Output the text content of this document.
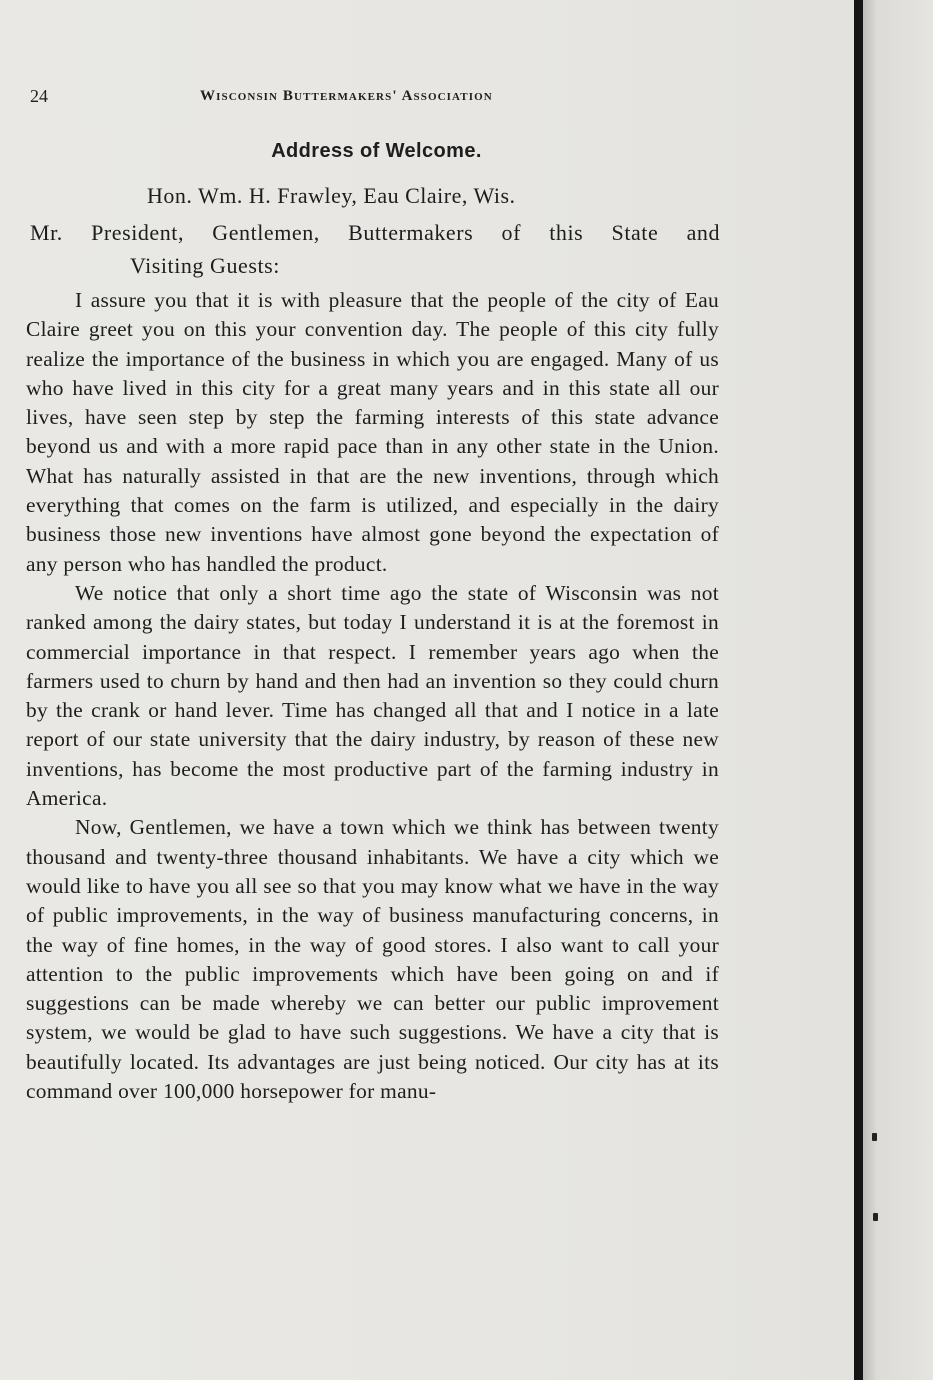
24	Wisconsin Buttermakers' Association
Address of Welcome.
Hon. Wm. H. Frawley, Eau Claire, Wis.
Mr. President, Gentlemen, Buttermakers of this State and
Visiting Guests:

I assure you that it is with pleasure that the people of the city of Eau Claire greet you on this your convention day. The people of this city fully realize the importance of the business in which you are engaged. Many of us who have lived in this city for a great many years and in this state all our lives, have seen step by step the farming interests of this state advance beyond us and with a more rapid pace than in any other state in the Union. What has naturally assisted in that are the new inventions, through which everything that comes on the farm is utilized, and especially in the dairy business those new inventions have almost gone beyond the expectation of any person who has handled the product.

We notice that only a short time ago the state of Wisconsin was not ranked among the dairy states, but today I understand it is at the foremost in commercial importance in that respect. I remember years ago when the farmers used to churn by hand and then had an invention so they could churn by the crank or hand lever. Time has changed all that and I notice in a late report of our state university that the dairy industry, by reason of these new inventions, has become the most productive part of the farming industry in America.

Now, Gentlemen, we have a town which we think has between twenty thousand and twenty-three thousand inhabitants. We have a city which we would like to have you all see so that you may know what we have in the way of public improvements, in the way of business manufacturing concerns, in the way of fine homes, in the way of good stores. I also want to call your attention to the public improvements which have been going on and if suggestions can be made whereby we can better our public improvement system, we would be glad to have such suggestions. We have a city that is beautifully located. Its advantages are just being noticed. Our city has at its command over 100,000 horsepower for manu-
